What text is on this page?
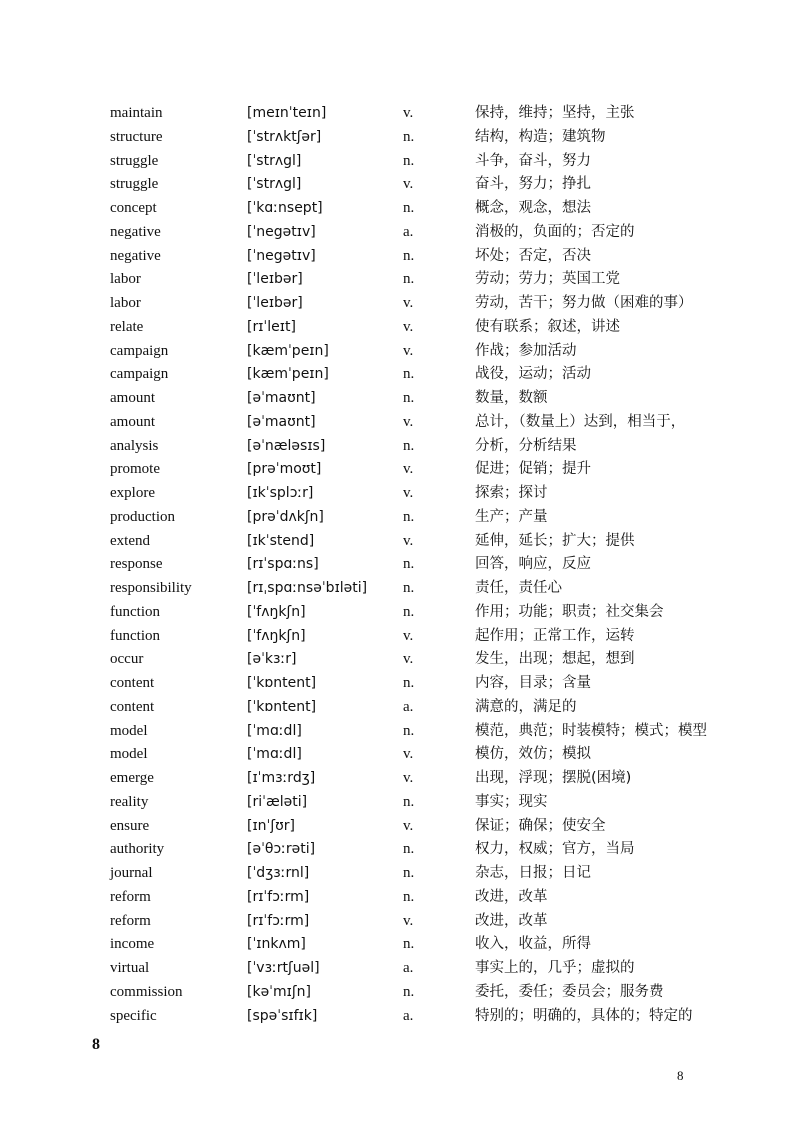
maintain	[meɪnˈteɪn]	v.	保持，维持；坚持，主张
structure	[ˈstrʌktʃər]	n.	结构，构造；建筑物
struggle	[ˈstrʌgl]	n.	斗争，奋斗，努力
struggle	[ˈstrʌgl]	v.	奋斗，努力；挣扎
concept	[ˈkɑːnsept]	n.	概念，观念，想法
negative	[ˈnegətɪv]	a.	消极的，负面的；否定的
negative	[ˈnegətɪv]	n.	坏处；否定，否决
labor	[ˈleɪbər]	n.	劳动；劳力；英国工党
labor	[ˈleɪbər]	v.	劳动，苦干；努力做（困难的事）
relate	[rɪˈleɪt]	v.	使有联系；叙述，讲述
campaign	[kæmˈpeɪn]	v.	作战；参加活动
campaign	[kæmˈpeɪn]	n.	战役，运动；活动
amount	[əˈmaʊnt]	n.	数量，数额
amount	[əˈmaʊnt]	v.	总计，（数量上）达到，相当于，
analysis	[əˈnæləsɪs]	n.	分析，分析结果
promote	[prəˈmoʊt]	v.	促进；促销；提升
explore	[ɪkˈsplɔːr]	v.	探索；探讨
production	[prəˈdʌkʃn]	n.	生产；产量
extend	[ɪkˈstend]	v.	延伸，延长；扩大；提供
response	[rɪˈspɑːns]	n.	回答，响应，反应
responsibility	[rɪˌspɑːnsəˈbɪləti] n.	责任，责任心
function	[ˈfʌŋkʃn]	n.	作用；功能；职责；社交集会
function	[ˈfʌŋkʃn]	v.	起作用；正常工作，运转
occur	[əˈkɜːr]	v.	发生，出现；想起，想到
content	[ˈkɒntent]	n.	内容，目录；含量
content	[ˈkɒntent]	a.	满意的，满足的
model	[ˈmɑːdl]	n.	模范，典范；时装模特；模式；模型
model	[ˈmɑːdl]	v.	模仿，效仿；模拟
emerge	[ɪˈmɜːrdʒ]	v.	出现，浮现；摆脱(困境)
reality	[riˈæləti]	n.	事实；现实
ensure	[ɪnˈʃʊr]	v.	保证；确保；使安全
authority	[əˈθɔːrəti]	n.	权力，权威；官方，当局
journal	[ˈdʒɜːrnl]	n.	杂志，日报；日记
reform	[rɪˈfɔːrm]	n.	改进，改革
reform	[rɪˈfɔːrm]	v.	改进，改革
income	[ˈɪnkʌm]	n.	收入，收益，所得
virtual	[ˈvɜːrtʃuəl]	a.	事实上的，几乎；虚拟的
commission	[kəˈmɪʃn]	n.	委托，委任；委员会；服务费
specific	[spəˈsɪfɪk]	a.	特别的；明确的，具体的；特定的
8
8
